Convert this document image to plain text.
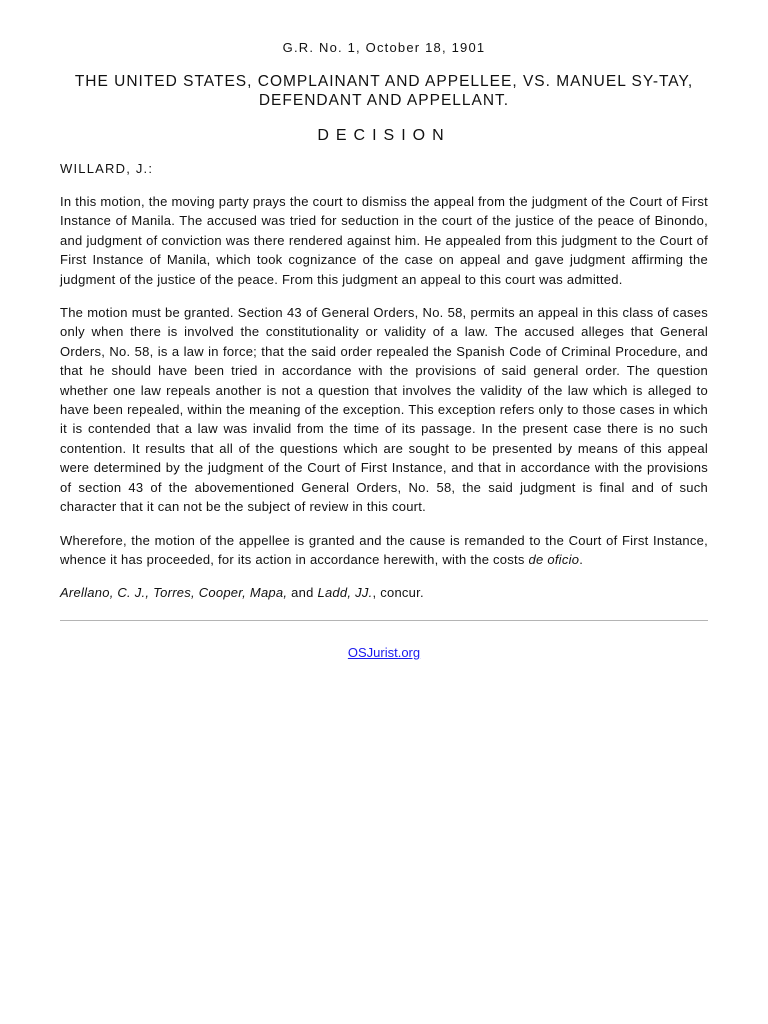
G.R. No. 1, October 18, 1901
THE UNITED STATES, COMPLAINANT AND APPELLEE, VS. MANUEL SY-TAY, DEFENDANT AND APPELLANT.
DECISION
WILLARD, J.:

In this motion, the moving party prays the court to dismiss the appeal from the judgment of the Court of First Instance of Manila. The accused was tried for seduction in the court of the justice of the peace of Binondo, and judgment of conviction was there rendered against him. He appealed from this judgment to the Court of First Instance of Manila, which took cognizance of the case on appeal and gave judgment affirming the judgment of the justice of the peace. From this judgment an appeal to this court was admitted.

The motion must be granted. Section 43 of General Orders, No. 58, permits an appeal in this class of cases only when there is involved the constitutionality or validity of a law. The accused alleges that General Orders, No. 58, is a law in force; that the said order repealed the Spanish Code of Criminal Procedure, and that he should have been tried in accordance with the provisions of said general order. The question whether one law repeals another is not a question that involves the validity of the law which is alleged to have been repealed, within the meaning of the exception. This exception refers only to those cases in which it is contended that a law was invalid from the time of its passage. In the present case there is no such contention. It results that all of the questions which are sought to be presented by means of this appeal were determined by the judgment of the Court of First Instance, and that in accordance with the provisions of section 43 of the abovementioned General Orders, No. 58, the said judgment is final and of such character that it can not be the subject of review in this court.

Wherefore, the motion of the appellee is granted and the cause is remanded to the Court of First Instance, whence it has proceeded, for its action in accordance herewith, with the costs de oficio.

Arellano, C. J., Torres, Cooper, Mapa, and Ladd, JJ., concur.

OSJurist.org
